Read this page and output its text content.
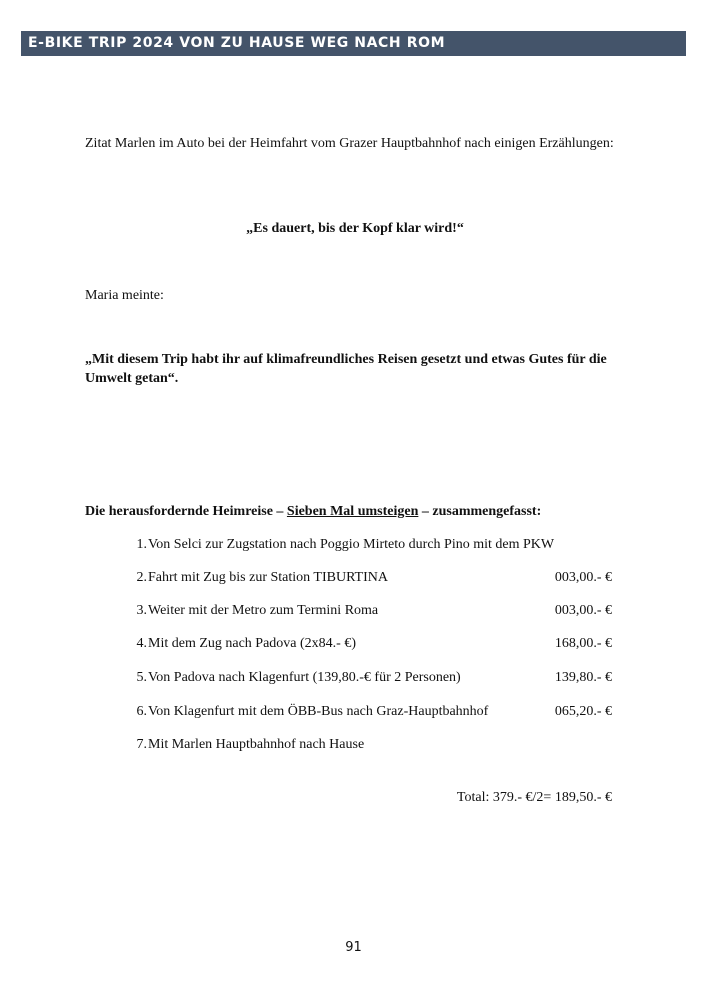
E-BIKE TRIP 2024 VON ZU HAUSE WEG NACH ROM
Zitat Marlen im Auto bei der Heimfahrt vom Grazer Hauptbahnhof nach einigen Erzählungen:
„Es dauert, bis der Kopf klar wird!“
Maria meinte:
„Mit diesem Trip habt ihr auf klimafreundliches Reisen gesetzt und etwas Gutes für die Umwelt getan“.
Die herausfordernde Heimreise – Sieben Mal umsteigen – zusammengefasst:
1. Von Selci zur Zugstation nach Poggio Mirteto durch Pino mit dem PKW
2. Fahrt mit Zug bis zur Station TIBURTINA	003,00.- €
3. Weiter mit der Metro zum Termini Roma	003,00.- €
4. Mit dem Zug nach Padova (2x84.- €)	168,00.- €
5. Von Padova nach Klagenfurt (139,80.-€ für 2 Personen)	139,80.- €
6. Von Klagenfurt mit dem ÖBB-Bus nach Graz-Hauptbahnhof	065,20.- €
7. Mit Marlen Hauptbahnhof nach Hause
Total: 379.- €/2= 189,50.- €
91
